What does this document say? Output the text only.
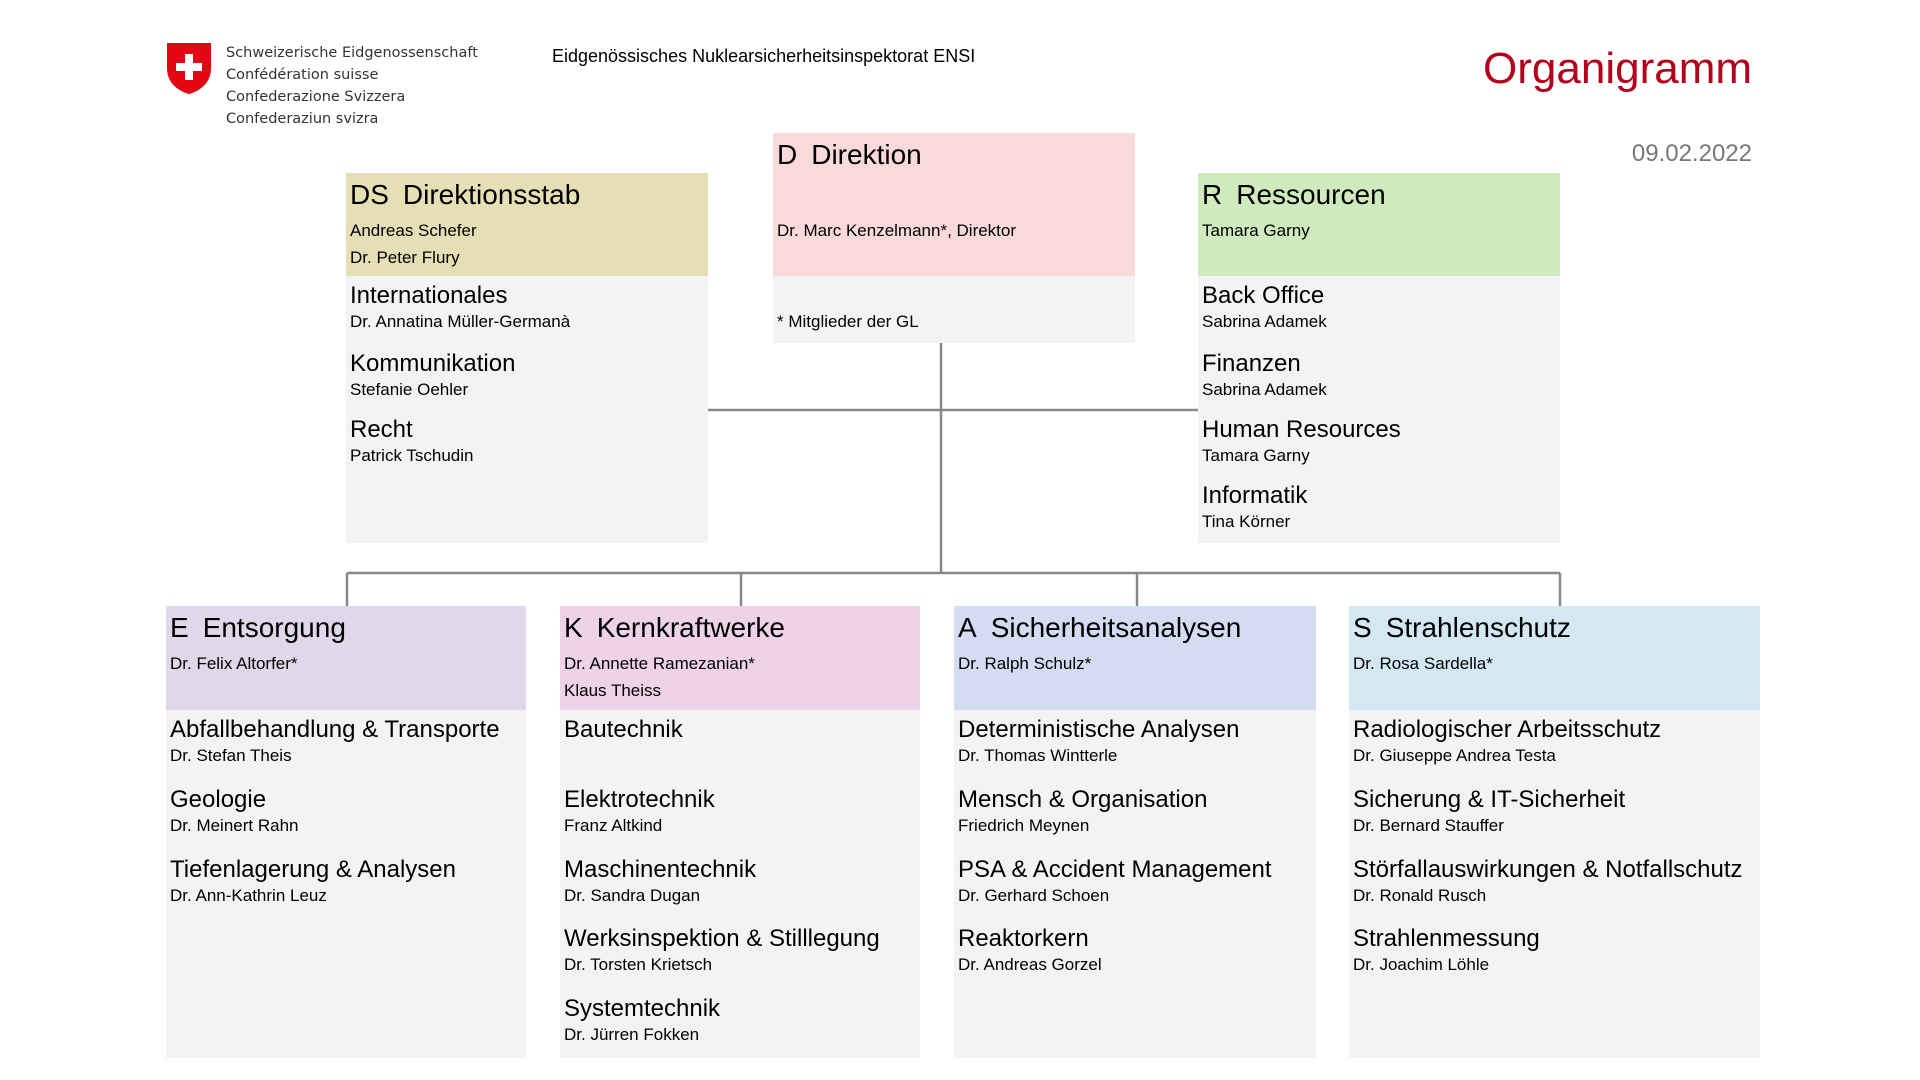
Schweizerische Eidgenossenschaft
Confédération suisse
Confederazione Svizzera
Confederaziun svizra
Eidgenössisches Nuklearsicherheitsinspektorat ENSI	Organigramm
09.02.2022
D Direktion
Dr. Marc Kenzelmann*, Direktor
* Mitglieder der GL
DS Direktionsstab
Andreas Schefer
Dr. Peter Flury
Internationales
Dr. Annatina Müller-Germanà
Kommunikation
Stefanie Oehler
Recht
Patrick Tschudin
R Ressourcen
Tamara Garny
Back Office
Sabrina Adamek
Finanzen
Sabrina Adamek
Human Resources
Tamara Garny
Informatik
Tina Körner
E Entsorgung
Dr. Felix Altorfer*
Abfallbehandlung & Transporte
Dr. Stefan Theis
Geologie
Dr. Meinert Rahn
Tiefenlagerung & Analysen
Dr. Ann-Kathrin Leuz
K Kernkraftwerke
Dr. Annette Ramezanian*
Klaus Theiss
Bautechnik
Elektrotechnik
Franz Altkind
Maschinentechnik
Dr. Sandra Dugan
Werksinspektion & Stilllegung
Dr. Torsten Krietsch
Systemtechnik
Dr. Jürren Fokken
A Sicherheitsanalysen
Dr. Ralph Schulz*
Deterministische Analysen
Dr. Thomas Wintterle
Mensch & Organisation
Friedrich Meynen
PSA & Accident Management
Dr. Gerhard Schoen
Reaktorkern
Dr. Andreas Gorzel
S Strahlenschutz
Dr. Rosa Sardella*
Radiologischer Arbeitsschutz
Dr. Giuseppe Andrea Testa
Sicherung & IT-Sicherheit
Dr. Bernard Stauffer
Störfallauswirkungen & Notfallschutz
Dr. Ronald Rusch
Strahlenmessung
Dr. Joachim Löhle
